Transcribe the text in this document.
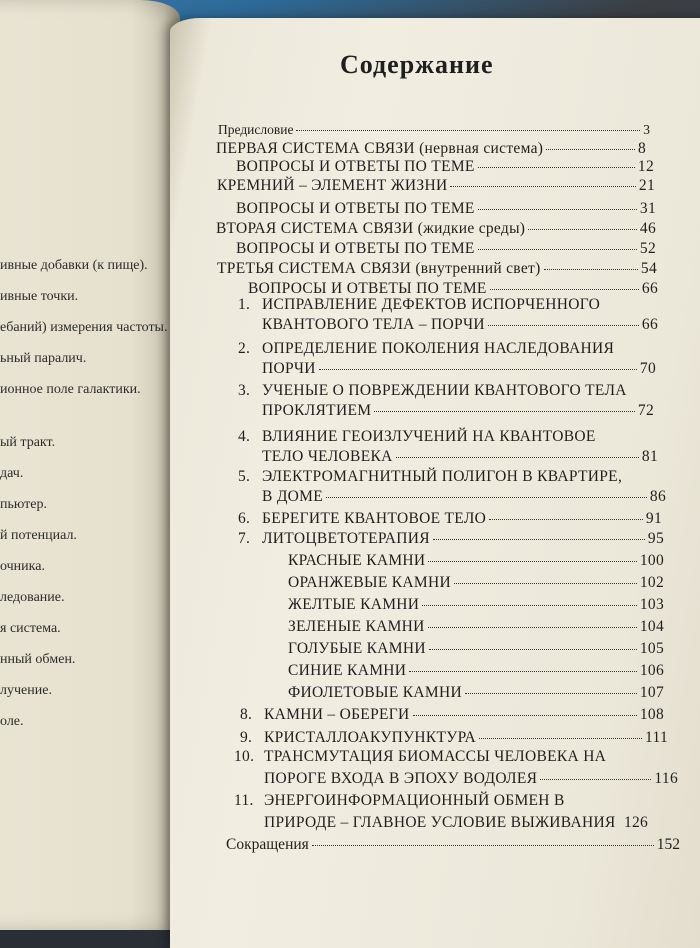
ивные добавки (к пище).
ивные точки.
ебаний) измерения частоты.
ьный паралич.
ионное поле галактики.
ый тракт.
дач.
пьютер.
й потенциал.
очника.
ледование.
я система.
нный обмен.
лучение.
оле.
Содержание
Предисловие	3
ПЕРВАЯ СИСТЕМА СВЯЗИ (нервная система)	8
ВОПРОСЫ И ОТВЕТЫ ПО ТЕМЕ	12
КРЕМНИЙ – ЭЛЕМЕНТ ЖИЗНИ	21
ВОПРОСЫ И ОТВЕТЫ ПО ТЕМЕ	31
ВТОРАЯ СИСТЕМА СВЯЗИ (жидкие среды)	46
ВОПРОСЫ И ОТВЕТЫ ПО ТЕМЕ	52
ТРЕТЬЯ СИСТЕМА СВЯЗИ (внутренний свет)	54
ВОПРОСЫ И ОТВЕТЫ ПО ТЕМЕ	66
1. ИСПРАВЛЕНИЕ ДЕФЕКТОВ ИСПОРЧЕННОГО
КВАНТОВОГО ТЕЛА – ПОРЧИ	66
2. ОПРЕДЕЛЕНИЕ ПОКОЛЕНИЯ НАСЛЕДОВАНИЯ
ПОРЧИ	70
3. УЧЕНЫЕ О ПОВРЕЖДЕНИИ КВАНТОВОГО ТЕЛА
ПРОКЛЯТИЕМ	72
4. ВЛИЯНИЕ ГЕОИЗЛУЧЕНИЙ НА КВАНТОВОЕ
ТЕЛО ЧЕЛОВЕКА	81
5. ЭЛЕКТРОМАГНИТНЫЙ ПОЛИГОН В КВАРТИРЕ,
В ДОМЕ	86
6. БЕРЕГИТЕ КВАНТОВОЕ ТЕЛО	91
7. ЛИТОЦВЕТОТЕРАПИЯ	95
КРАСНЫЕ КАМНИ	100
ОРАНЖЕВЫЕ КАМНИ	102
ЖЕЛТЫЕ КАМНИ	103
ЗЕЛЕНЫЕ КАМНИ	104
ГОЛУБЫЕ КАМНИ	105
СИНИЕ КАМНИ	106
ФИОЛЕТОВЫЕ КАМНИ	107
8. КАМНИ – ОБЕРЕГИ	108
9. КРИСТАЛЛОАКУПУНКТУРА	111
10. ТРАНСМУТАЦИЯ БИОМАССЫ ЧЕЛОВЕКА НА
ПОРОГЕ ВХОДА В ЭПОХУ ВОДОЛЕЯ	116
11. ЭНЕРГОИНФОРМАЦИОННЫЙ ОБМЕН В
ПРИРОДЕ – ГЛАВНОЕ УСЛОВИЕ ВЫЖИВАНИЯ 126
Сокращения	152
